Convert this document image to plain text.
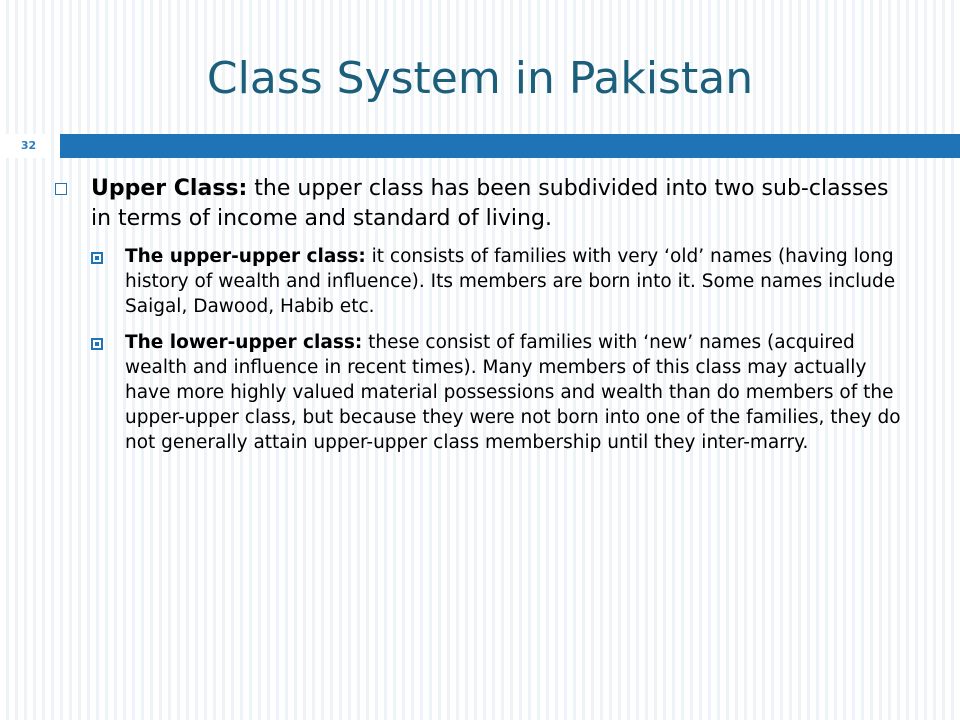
Class System in Pakistan
32
Upper Class: the upper class has been subdivided into two sub-classes in terms of income and standard of living.
The upper-upper class: it consists of families with very ‘old’ names (having long history of wealth and influence). Its members are born into it. Some names include Saigal, Dawood, Habib etc.
The lower-upper class: these consist of families with ‘new’ names (acquired wealth and influence in recent times). Many members of this class may actually have more highly valued material possessions and wealth than do members of the upper-upper class, but because they were not born into one of the families, they do not generally attain upper-upper class membership until they inter-marry.
